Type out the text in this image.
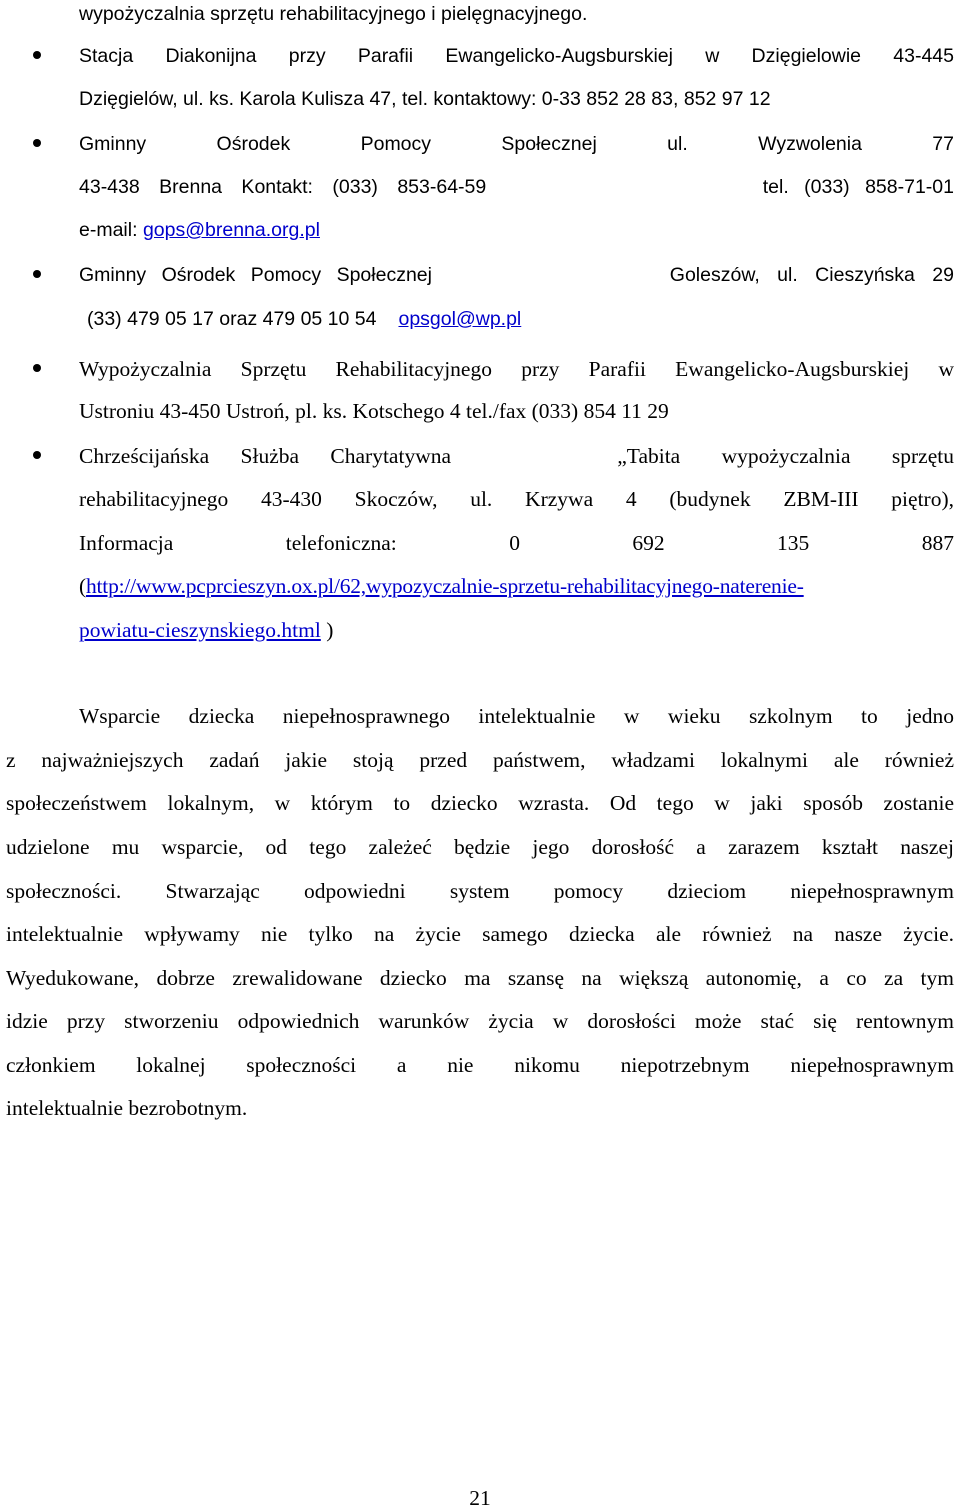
wypożyczalnia sprzętu rehabilitacyjnego i pielęgnacyjnego.
Stacja Diakonijna przy Parafii Ewangelicko-Augsburskiej w Dzięgielowie 43-445
Dzięgielów, ul. ks. Karola Kulisza 47, tel. kontaktowy: 0-33 852 28 83, 852 97 12
Gminny Ośrodek Pomocy Społecznej ul. Wyzwolenia 77
43-438 Brenna Kontakt: (033) 853-64-59	tel. (033) 858-71-01
e-mail: gops@brenna.org.pl
Gminny Ośrodek Pomocy Społecznej	Goleszów, ul. Cieszyńska 29
(33) 479 05 17 oraz 479 05 10 54 opsgol@wp.pl
Wypożyczalnia Sprzętu Rehabilitacyjnego przy Parafii Ewangelicko-Augsburskiej w
Ustroniu 43-450 Ustroń, pl. ks. Kotschego 4 tel./fax (033) 854 11 29
Chrześcijańska Służba Charytatywna	„Tabita wypożyczalnia sprzętu
rehabilitacyjnego 43-430 Skoczów, ul. Krzywa 4 (budynek ZBM-III piętro),
Informacja telefoniczna: 0 692 135 887
(http://www.pcprcieszyn.ox.pl/62,wypozyczalnie-sprzetu-rehabilitacyjnego-naterenie-
powiatu-cieszynskiego.html )
Wsparcie dziecka niepełnosprawnego intelektualnie w wieku szkolnym to jedno
z najważniejszych zadań jakie stoją przed państwem, władzami lokalnymi ale również
społeczeństwem lokalnym, w którym to dziecko wzrasta. Od tego w jaki sposób zostanie
udzielone mu wsparcie, od tego zależeć będzie jego dorosłość a zarazem kształt naszej
społeczności. Stwarzając odpowiedni system pomocy dzieciom niepełnosprawnym
intelektualnie wpływamy nie tylko na życie samego dziecka ale również na nasze życie.
Wyedukowane, dobrze zrewalidowane dziecko ma szansę na większą autonomię, a co za tym
idzie przy stworzeniu odpowiednich warunków życia w dorosłości może stać się rentownym
członkiem lokalnej społeczności a nie nikomu niepotrzebnym niepełnosprawnym
intelektualnie bezrobotnym.
21
